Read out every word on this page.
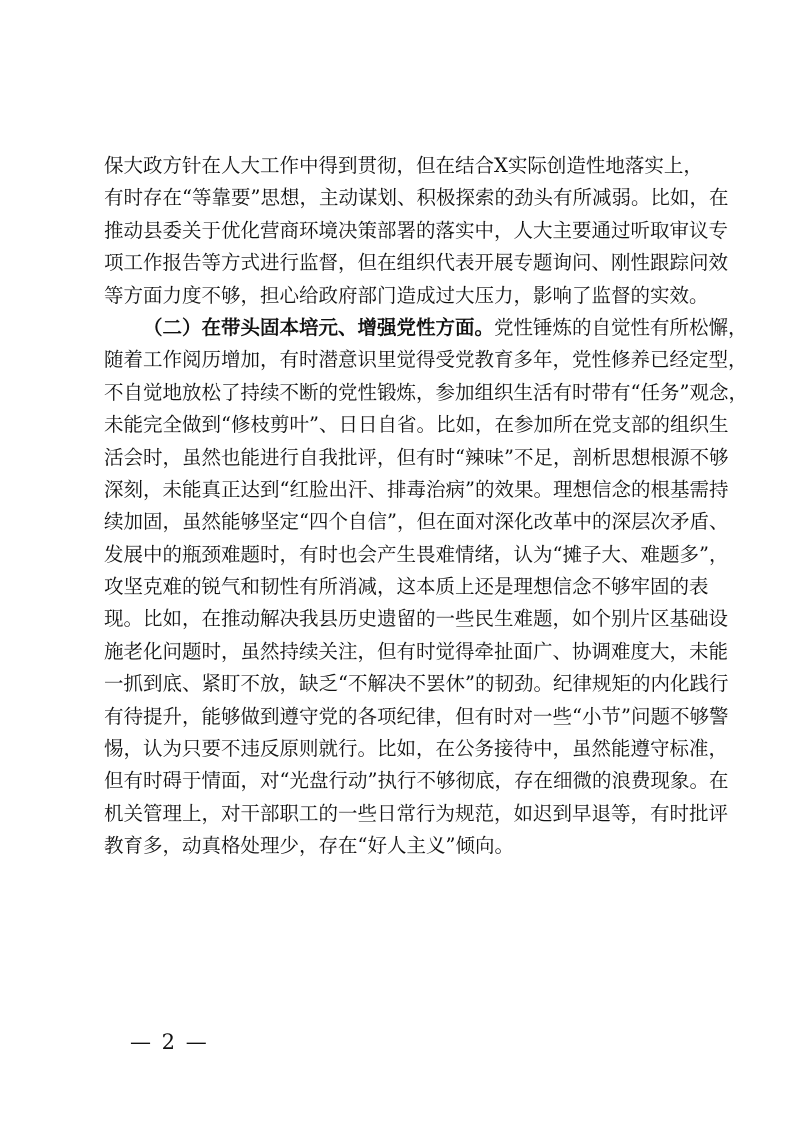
保大政方针在人大工作中得到贯彻，但在结合X实际创造性地落实上，
有时存在“等靠要”思想，主动谋划、积极探索的劲头有所减弱。比如，在
推动县委关于优化营商环境决策部署的落实中，人大主要通过听取审议专
项工作报告等方式进行监督，但在组织代表开展专题询问、刚性跟踪问效
等方面力度不够，担心给政府部门造成过大压力，影响了监督的实效。
（二）在带头固本培元、增强党性方面。党性锤炼的自觉性有所松懈，
随着工作阅历增加，有时潜意识里觉得受党教育多年，党性修养已经定型，
不自觉地放松了持续不断的党性锻炼，参加组织生活有时带有“任务”观念，
未能完全做到“修枝剪叶”、日日自省。比如，在参加所在党支部的组织生
活会时，虽然也能进行自我批评，但有时“辣味”不足，剖析思想根源不够
深刻，未能真正达到“红脸出汗、排毒治病”的效果。理想信念的根基需持
续加固，虽然能够坚定“四个自信”，但在面对深化改革中的深层次矛盾、
发展中的瓶颈难题时，有时也会产生畏难情绪，认为“摊子大、难题多”，
攻坚克难的锐气和韧性有所消减，这本质上还是理想信念不够牢固的表
现。比如，在推动解决我县历史遗留的一些民生难题，如个别片区基础设
施老化问题时，虽然持续关注，但有时觉得牵扯面广、协调难度大，未能
一抓到底、紧盯不放，缺乏“不解决不罢休”的韧劲。纪律规矩的内化践行
有待提升，能够做到遵守党的各项纪律，但有时对一些“小节”问题不够警
惕，认为只要不违反原则就行。比如，在公务接待中，虽然能遵守标准，
但有时碍于情面，对“光盘行动”执行不够彻底，存在细微的浪费现象。在
机关管理上，对干部职工的一些日常行为规范，如迟到早退等，有时批评
教育多，动真格处理少，存在“好人主义”倾向。
— 2 —
